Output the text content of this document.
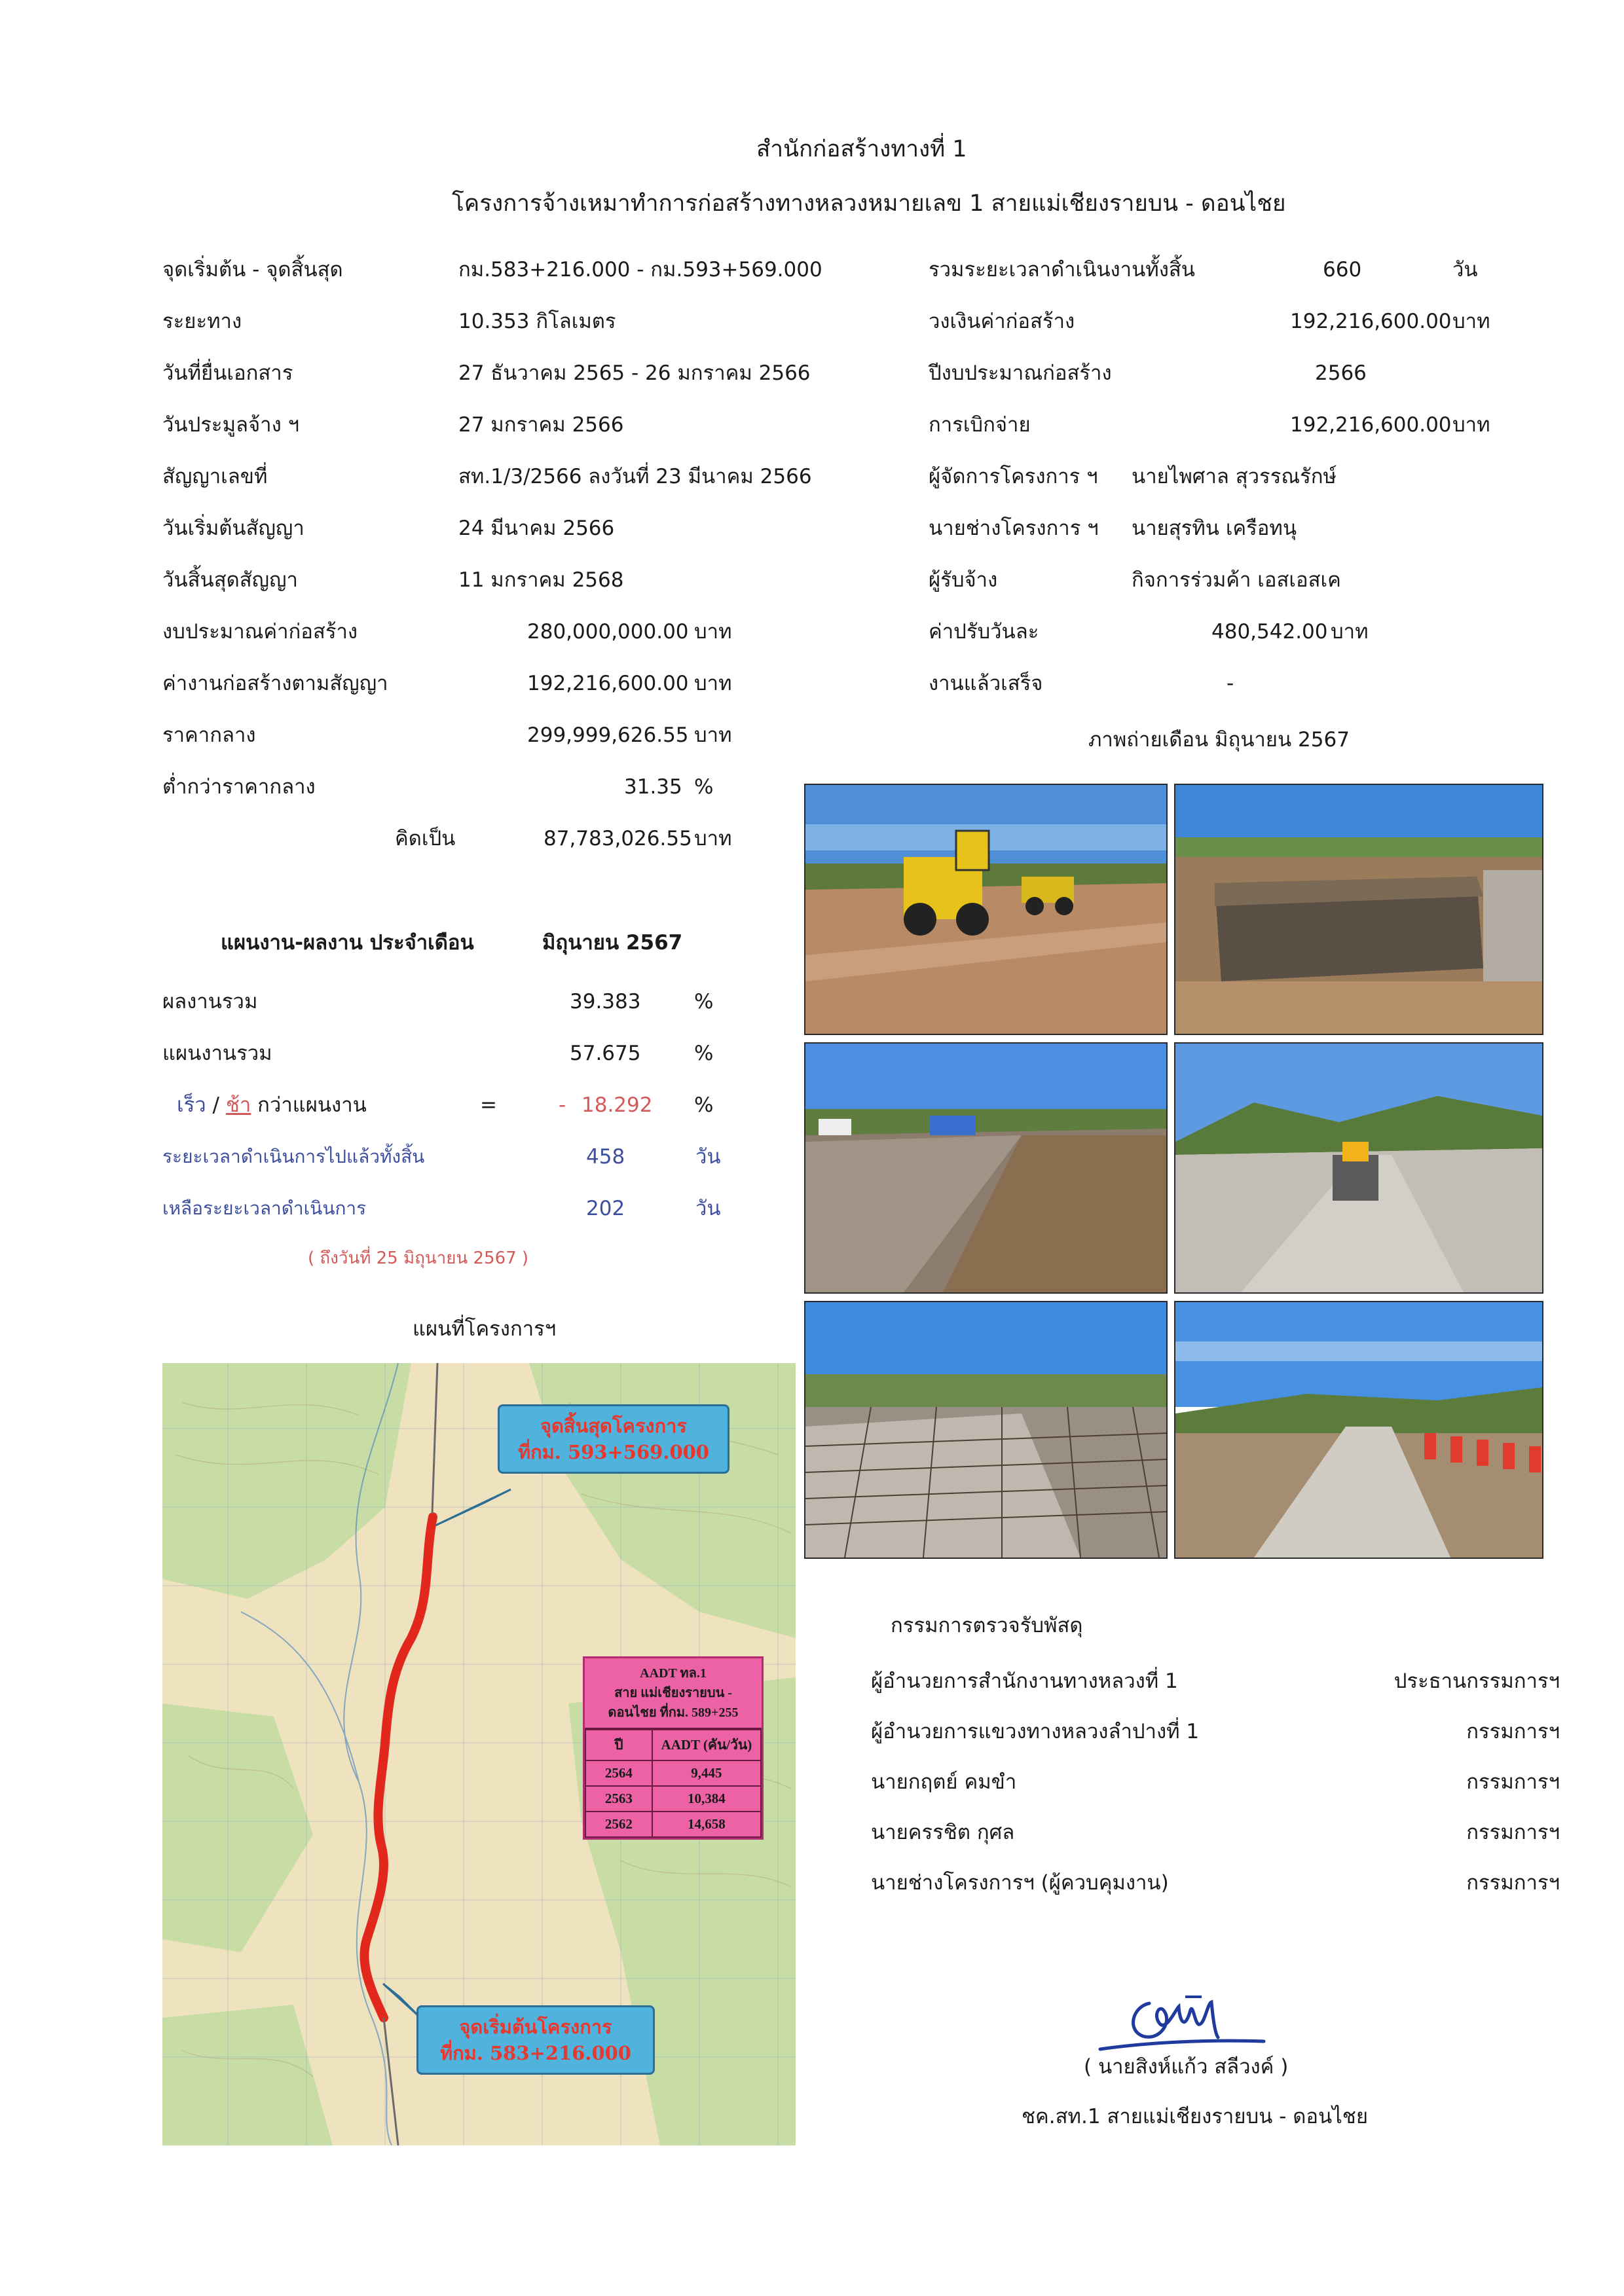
สำนักก่อสร้างทางที่ 1
โครงการจ้างเหมาทำการก่อสร้างทางหลวงหมายเลข 1 สายแม่เชียงรายบน - ดอนไชย
จุดเริ่มต้น - จุดสิ้นสุด	กม.583+216.000 - กม.593+569.000
ระยะทาง	10.353 กิโลเมตร
วันที่ยื่นเอกสาร	27 ธันวาคม 2565 - 26 มกราคม 2566
วันประมูลจ้าง ฯ	27 มกราคม 2566
สัญญาเลขที่	สท.1/3/2566 ลงวันที่ 23 มีนาคม 2566
วันเริ่มต้นสัญญา	24 มีนาคม 2566
วันสิ้นสุดสัญญา	11 มกราคม 2568
งบประมาณค่าก่อสร้าง	280,000,000.00 บาท
ค่างานก่อสร้างตามสัญญา	192,216,600.00 บาท
ราคากลาง	299,999,626.55 บาท
ต่ำกว่าราคากลาง	31.35 %
คิดเป็น	87,783,026.55 บาท
รวมระยะเวลาดำเนินงานทั้งสิ้น	660	วัน
วงเงินค่าก่อสร้าง	192,216,600.00 บาท
ปีงบประมาณก่อสร้าง	2566
การเบิกจ่าย	192,216,600.00 บาท
ผู้จัดการโครงการ ฯ นายไพศาล สุวรรณรักษ์
นายช่างโครงการ ฯ นายสุรทิน เครือทนุ
ผู้รับจ้าง	กิจการร่วมค้า เอสเอสเค
ค่าปรับวันละ	480,542.00 บาท
งานแล้วเสร็จ	-
ภาพถ่ายเดือน มิถุนายน 2567
แผนงาน-ผลงาน ประจำเดือน	มิถุนายน 2567
ผลงานรวม	39.383	%
แผนงานรวม	57.675	%
เร็ว / ช้า กว่าแผนงาน	=	- 18.292 %
ระยะเวลาดำเนินการไปแล้วทั้งสิ้น	458	วัน
เหลือระยะเวลาดำเนินการ	202	วัน
( ถึงวันที่ 25 มิถุนายน 2567 )
แผนที่โครงการฯ
จุดสิ้นสุดโครงการ
ที่กม. 593+569.000
จุดเริ่มต้นโครงการ
ที่กม. 583+216.000
AADT ทล.1
สาย แม่เชียงรายบน -
ดอนไชย ที่กม. 589+255
ปี	AADT (คัน/วัน)
2564	9,445
2563	10,384
2562	14,658
กรรมการตรวจรับพัสดุ
ผู้อำนวยการสำนักงานทางหลวงที่ 1	ประธานกรรมการฯ
ผู้อำนวยการแขวงทางหลวงลำปางที่ 1	กรรมการฯ
นายกฤตย์ คมขำ	กรรมการฯ
นายครรชิต กุศล	กรรมการฯ
นายช่างโครงการฯ (ผู้ควบคุมงาน)	กรรมการฯ
( นายสิงห์แก้ว สลีวงค์ )
ชค.สท.1 สายแม่เชียงรายบน - ดอนไชย
